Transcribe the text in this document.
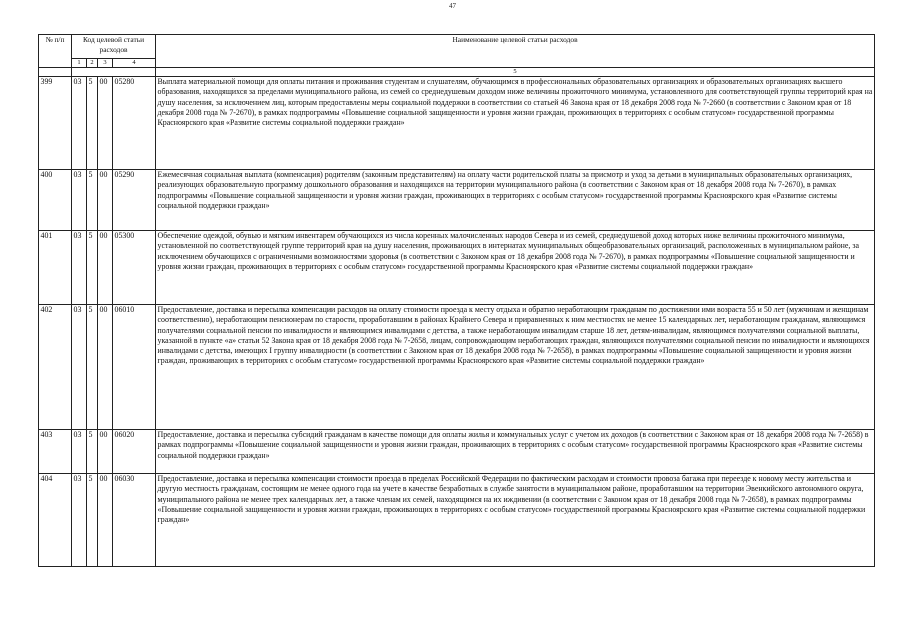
47
№ п/п	Код целевой статьи расходов				Наименование целевой статьи расходов
	1	2	3	4	
					5
399	03	5	00	05280	Выплата материальной помощи для оплаты питания и проживания студентам и слушателям, обучающимся в профессиональных образовательных организациях и образовательных организациях высшего образования, находящихся за пределами муниципального района, из семей со среднедушевым доходом ниже величины прожиточного минимума, установленного для соответствующей группы территорий края на душу населения, за исключением лиц, которым предоставлены меры социальной поддержки в соответствии со статьей 46 Закона края от 18 декабря 2008 года № 7-2660 (в соответствии с Законом края от 18 декабря 2008 года № 7-2670), в рамках подпрограммы «Повышение социальной защищенности и уровня жизни граждан, проживающих в территориях с особым статусом» государственной программы Красноярского края «Развитие системы социальной поддержки граждан»
400	03	5	00	05290	Ежемесячная социальная выплата (компенсация) родителям (законным представителям) на оплату части родительской платы за присмотр и уход за детьми в муниципальных образовательных организациях, реализующих образовательную программу дошкольного образования и находящихся на территории муниципального района (в соответствии с Законом края от 18 декабря 2008 года № 7-2670), в рамках подпрограммы «Повышение социальной защищенности и уровня жизни граждан, проживающих в территориях с особым статусом» государственной программы Красноярского края «Развитие системы социальной поддержки граждан»
401	03	5	00	05300	Обеспечение одеждой, обувью и мягким инвентарем обучающихся из числа коренных малочисленных народов Севера и из семей, среднедушевой доход которых ниже величины прожиточного минимума, установленной по соответствующей группе территорий края на душу населения, проживающих в интернатах муниципальных общеобразовательных организаций, расположенных в муниципальном районе, за исключением обучающихся с ограниченными возможностями здоровья (в соответствии с Законом края от 18 декабря 2008 года № 7-2670), в рамках подпрограммы «Повышение социальной защищенности и уровня жизни граждан, проживающих в территориях с особым статусом» государственной программы Красноярского края «Развитие системы социальной поддержки граждан»
402	03	5	00	06010	Предоставление, доставка и пересылка компенсации расходов на оплату стоимости проезда к месту отдыха и обратно неработающим гражданам по достижении ими возраста 55 и 50 лет (мужчинам и женщинам соответственно), неработающим пенсионерам по старости, проработавшим в районах Крайнего Севера и приравненных к ним местностях не менее 15 календарных лет, неработающим гражданам, являющимся получателями социальной пенсии по инвалидности и являющимся инвалидами с детства, а также неработающим инвалидам старше 18 лет, детям-инвалидам, являющимся получателями социальной выплаты, указанной в пункте «а» статьи 52 Закона края от 18 декабря 2008 года № 7-2658, лицам, сопровождающим неработающих граждан, являющихся получателями социальной пенсии по инвалидности и являющихся инвалидами с детства, имеющих I группу инвалидности (в соответствии с Законом края от 18 декабря 2008 года № 7-2658), в рамках подпрограммы «Повышение социальной защищенности и уровня жизни граждан, проживающих в территориях с особым статусом» государственной программы Красноярского края «Развитие системы социальной поддержки граждан»
403	03	5	00	06020	Предоставление, доставка и пересылка субсидий гражданам в качестве помощи для оплаты жилья и коммунальных услуг с учетом их доходов (в соответствии с Законом края от 18 декабря 2008 года № 7-2658) в рамках подпрограммы «Повышение социальной защищенности и уровня жизни граждан, проживающих в территориях с особым статусом» государственной программы Красноярского края «Развитие системы социальной поддержки граждан»
404	03	5	00	06030	Предоставление, доставка и пересылка компенсации стоимости проезда в пределах Российской Федерации по фактическим расходам и стоимости провоза багажа при переезде к новому месту жительства и другую местность гражданам, состоящим не менее одного года на учете в качестве безработных в службе занятости в муниципальном районе, проработавшим на территории Эвенкийского автономного округа, муниципального района не менее трех календарных лет, а также членам их семей, находящимся на их иждивении (в соответствии с Законом края от 18 декабря 2008 года № 7-2658), в рамках подпрограммы «Повышение социальной защищенности и уровня жизни граждан, проживающих в территориях с особым статусом» государственной программы Красноярского края «Развитие системы социальной поддержки граждан»
